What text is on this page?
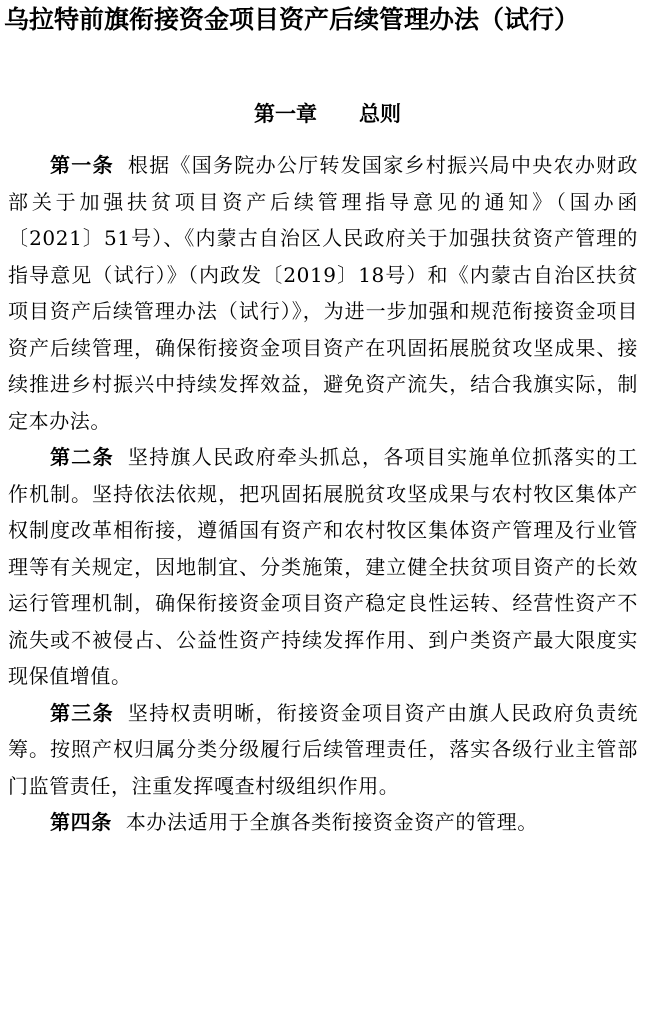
乌拉特前旗衔接资金项目资产后续管理办法（试行）
第一章　　总则

第一条 根据《国务院办公厅转发国家乡村振兴局中央农办财政部关于加强扶贫项目资产后续管理指导意见的通知》（国办函〔2021〕51号）、《内蒙古自治区人民政府关于加强扶贫资产管理的指导意见（试行）》（内政发〔2019〕18号）和《内蒙古自治区扶贫项目资产后续管理办法（试行）》，为进一步加强和规范衔接资金项目资产后续管理，确保衔接资金项目资产在巩固拓展脱贫攻坚成果、接续推进乡村振兴中持续发挥效益，避免资产流失，结合我旗实际，制定本办法。

第二条 坚持旗人民政府牵头抓总，各项目实施单位抓落实的工作机制。坚持依法依规，把巩固拓展脱贫攻坚成果与农村牧区集体产权制度改革相衔接，遵循国有资产和农村牧区集体资产管理及行业管理等有关规定，因地制宜、分类施策，建立健全扶贫项目资产的长效运行管理机制，确保衔接资金项目资产稳定良性运转、经营性资产不流失或不被侵占、公益性资产持续发挥作用、到户类资产最大限度实现保值增值。

第三条 坚持权责明晰，衔接资金项目资产由旗人民政府负责统筹。按照产权归属分类分级履行后续管理责任，落实各级行业主管部门监管责任，注重发挥嘎查村级组织作用。

第四条 本办法适用于全旗各类衔接资金资产的管理。
